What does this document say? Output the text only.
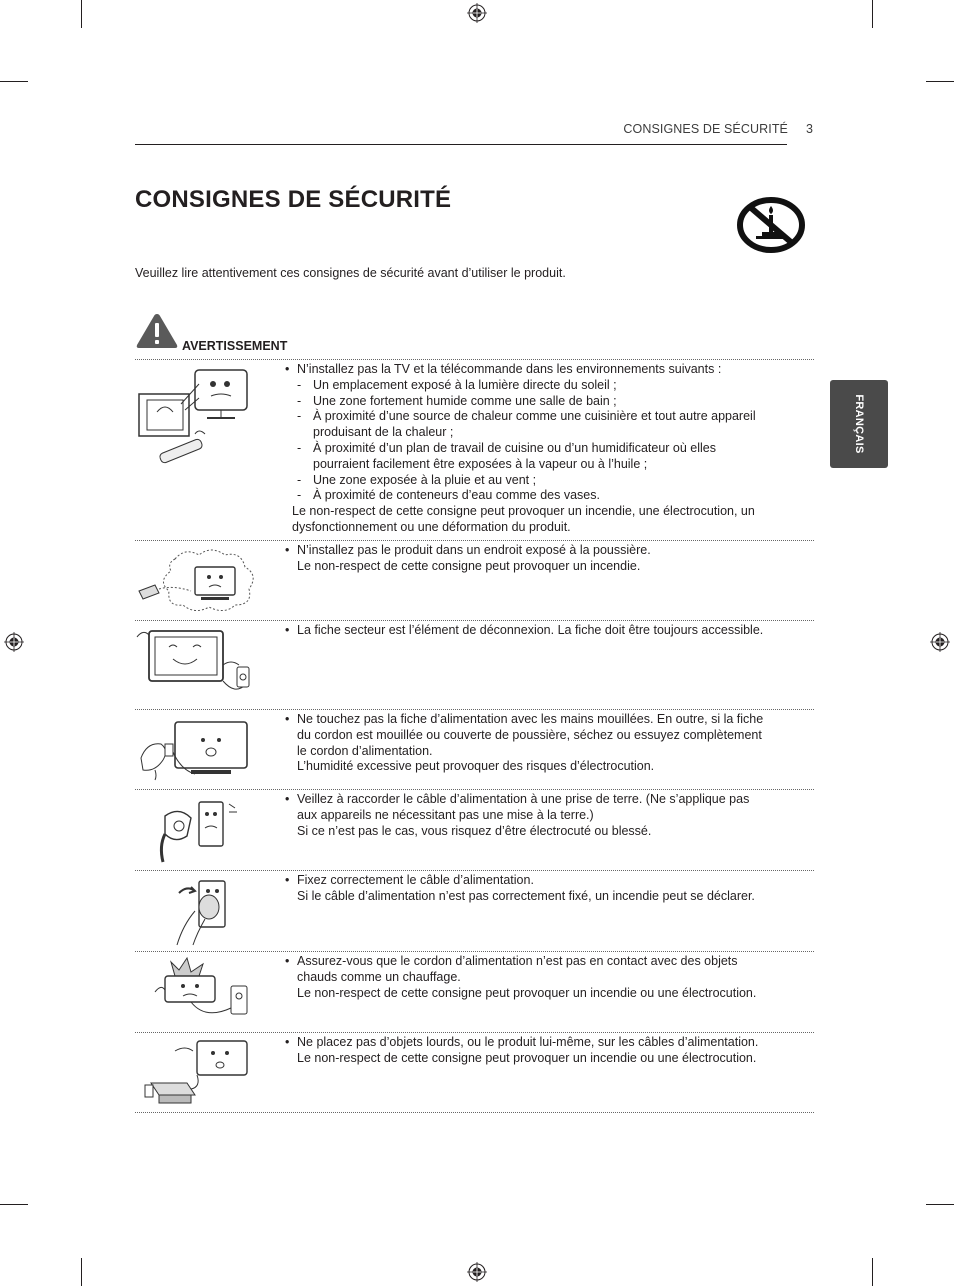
CONSIGNES DE SÉCURITÉ 3
CONSIGNES DE SÉCURITÉ
Veuillez lire attentivement ces consignes de sécurité avant d’utiliser le produit.
FRANÇAIS
AVERTISSEMENT
• N’installez pas la TV et la télécommande dans les environnements suivants :
- Un emplacement exposé à la lumière directe du soleil ;
- Une zone fortement humide comme une salle de bain ;
- À proximité d’une source de chaleur comme une cuisinière et tout autre appareil
produisant de la chaleur ;
- À proximité d’un plan de travail de cuisine ou d’un humidificateur où elles
pourraient facilement être exposées à la vapeur ou à l’huile ;
- Une zone exposée à la pluie et au vent ;
- À proximité de conteneurs d’eau comme des vases.
Le non-respect de cette consigne peut provoquer un incendie, une électrocution, un
dysfonctionnement ou une déformation du produit.
• N’installez pas le produit dans un endroit exposé à la poussière.
Le non-respect de cette consigne peut provoquer un incendie.
• La fiche secteur est l’élément de déconnexion. La fiche doit être toujours accessible.
• Ne touchez pas la fiche d’alimentation avec les mains mouillées. En outre, si la fiche
du cordon est mouillée ou couverte de poussière, séchez ou essuyez complètement
le cordon d’alimentation.
L’humidité excessive peut provoquer des risques d’électrocution.
• Veillez à raccorder le câble d’alimentation à une prise de terre. (Ne s’applique pas
aux appareils ne nécessitant pas une mise à la terre.)
Si ce n’est pas le cas, vous risquez d’être électrocuté ou blessé.
• Fixez correctement le câble d’alimentation.
Si le câble d’alimentation n’est pas correctement fixé, un incendie peut se déclarer.
• Assurez-vous que le cordon d’alimentation n’est pas en contact avec des objets
chauds comme un chauffage.
Le non-respect de cette consigne peut provoquer un incendie ou une électrocution.
• Ne placez pas d’objets lourds, ou le produit lui-même, sur les câbles d’alimentation.
Le non-respect de cette consigne peut provoquer un incendie ou une électrocution.
